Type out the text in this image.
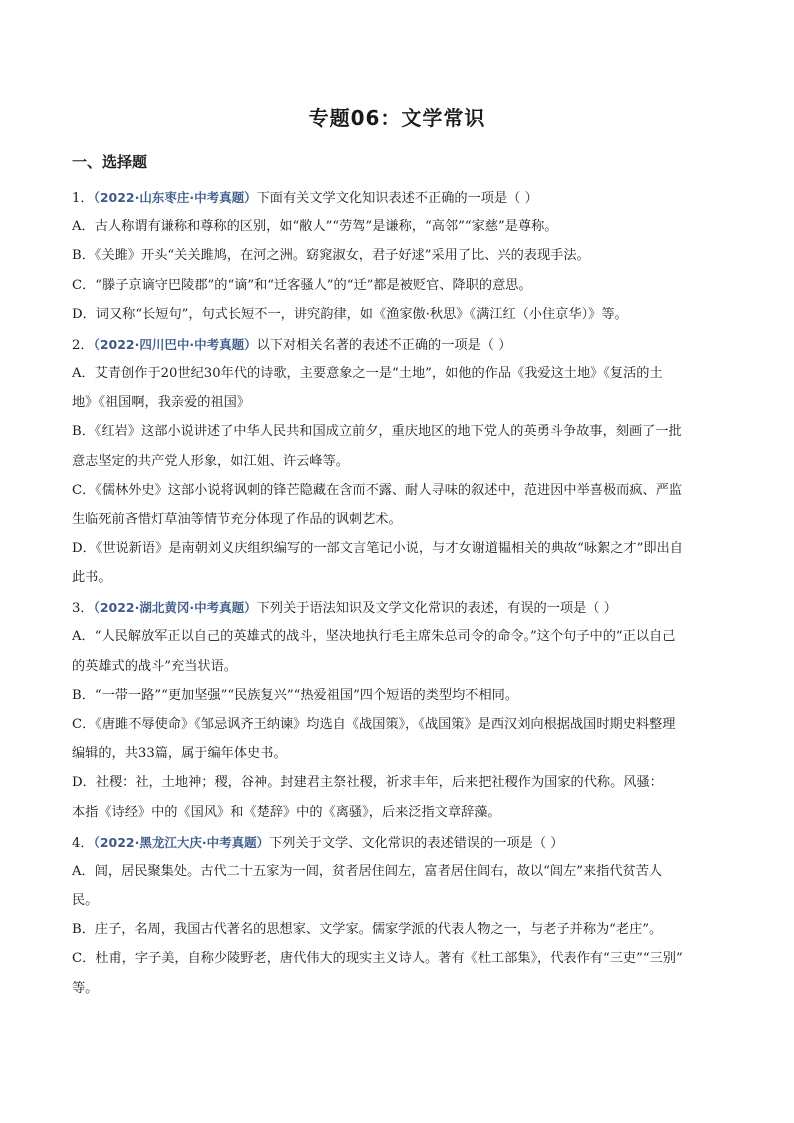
专题06：文学常识
一、选择题
1．（2022·山东枣庄·中考真题）下面有关文学文化知识表述不正确的一项是（ ）
A．古人称谓有谦称和尊称的区别，如“敝人”“劳驾”是谦称，“高邻”“家慈”是尊称。
B．《关雎》开头“关关雎鸠，在河之洲。窈窕淑女，君子好逑”采用了比、兴的表现手法。
C．“滕子京谪守巴陵郡”的“谪”和“迁客骚人”的“迁”都是被贬官、降职的意思。
D．词又称“长短句”，句式长短不一，讲究韵律，如《渔家傲·秋思》《满江红（小住京华）》等。
2．（2022·四川巴中·中考真题）以下对相关名著的表述不正确的一项是（ ）
A．艾青创作于20世纪30年代的诗歌，主要意象之一是“土地”，如他的作品《我爱这土地》《复活的土
地》《祖国啊，我亲爱的祖国》
B．《红岩》这部小说讲述了中华人民共和国成立前夕，重庆地区的地下党人的英勇斗争故事，刻画了一批
意志坚定的共产党人形象，如江姐、许云峰等。
C．《儒林外史》这部小说将讽刺的锋芒隐藏在含而不露、耐人寻味的叙述中，范进因中举喜极而疯、严监
生临死前吝惜灯草油等情节充分体现了作品的讽刺艺术。
D．《世说新语》是南朝刘义庆组织编写的一部文言笔记小说，与才女谢道韫相关的典故“咏絮之才”即出自
此书。
3．（2022·湖北黄冈·中考真题）下列关于语法知识及文学文化常识的表述，有误的一项是（ ）
A．“人民解放军正以自己的英雄式的战斗，坚决地执行毛主席朱总司令的命令。”这个句子中的“正以自己
的英雄式的战斗”充当状语。
B．“一带一路”“更加坚强”“民族复兴”“热爱祖国”四个短语的类型均不相同。
C．《唐雎不辱使命》《邹忌讽齐王纳谏》均选自《战国策》，《战国策》是西汉刘向根据战国时期史料整理
编辑的，共33篇，属于编年体史书。
D．社稷：社，土地神；稷，谷神。封建君主祭社稷，祈求丰年，后来把社稷作为国家的代称。风骚：
本指《诗经》中的《国风》和《楚辞》中的《离骚》，后来泛指文章辞藻。
4．（2022·黑龙江大庆·中考真题）下列关于文学、文化常识的表述错误的一项是（ ）
A．闾，居民聚集处。古代二十五家为一闾，贫者居住闾左，富者居住闾右，故以“闾左”来指代贫苦人
民。
B．庄子，名周，我国古代著名的思想家、文学家。儒家学派的代表人物之一，与老子并称为“老庄”。
C．杜甫，字子美，自称少陵野老，唐代伟大的现实主义诗人。著有《杜工部集》，代表作有“三吏”“三别”
等。
